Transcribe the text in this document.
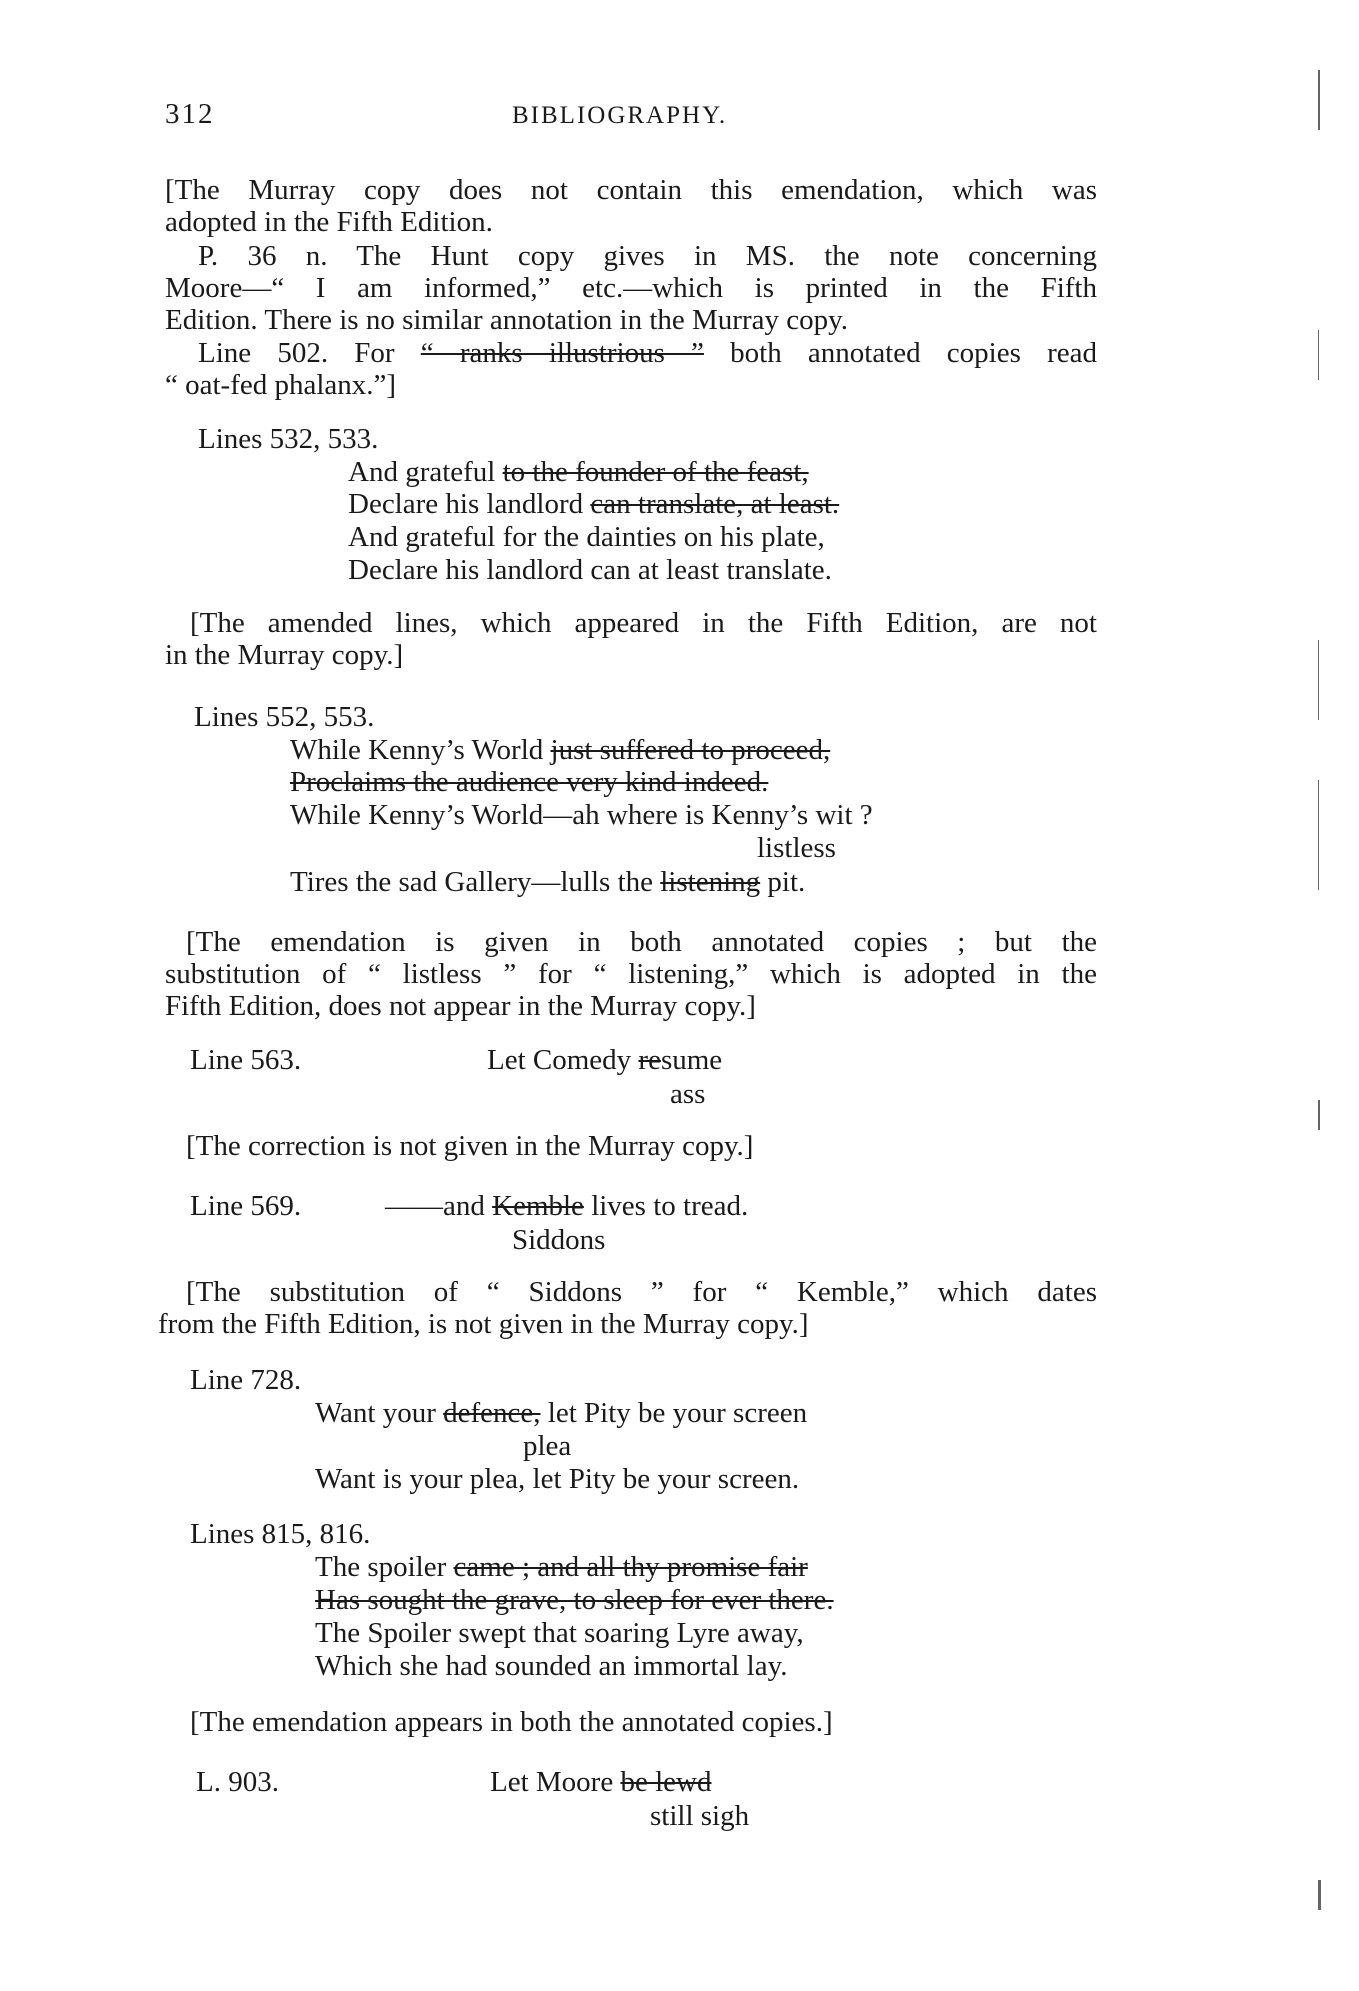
312	BIBLIOGRAPHY.
[The Murray copy does not contain this emendation, which was
adopted in the Fifth Edition.
P. 36 n. The Hunt copy gives in MS. the note concerning
Moore—“ I am informed,” etc.—which is printed in the Fifth
Edition. There is no similar annotation in the Murray copy.
Line 502. For “ ranks illustrious ” both annotated copies read
“ oat-fed phalanx.”]
Lines 532, 533.
And grateful to the founder of the feast,
Declare his landlord can translate, at least.
And grateful for the dainties on his plate,
Declare his landlord can at least translate.
[The amended lines, which appeared in the Fifth Edition, are not
in the Murray copy.]
Lines 552, 553.
While Kenny’s World just suffered to proceed,
Proclaims the audience very kind indeed.
While Kenny’s World—ah where is Kenny’s wit ?
listless
Tires the sad Gallery—lulls the listening pit.
[The emendation is given in both annotated copies ; but the
substitution of “ listless ” for “ listening,” which is adopted in the
Fifth Edition, does not appear in the Murray copy.]
Line 563.	Let Comedy resume
ass
[The correction is not given in the Murray copy.]
Line 569.	——and Kemble lives to tread.
Siddons
[The substitution of “ Siddons ” for “ Kemble,” which dates
from the Fifth Edition, is not given in the Murray copy.]
Line 728.
Want your defence, let Pity be your screen
plea
Want is your plea, let Pity be your screen.
Lines 815, 816.
The spoiler came ; and all thy promise fair
Has sought the grave, to sleep for ever there.
The Spoiler swept that soaring Lyre away,
Which she had sounded an immortal lay.
[The emendation appears in both the annotated copies.]
L. 903.	Let Moore be lewd
still sigh
